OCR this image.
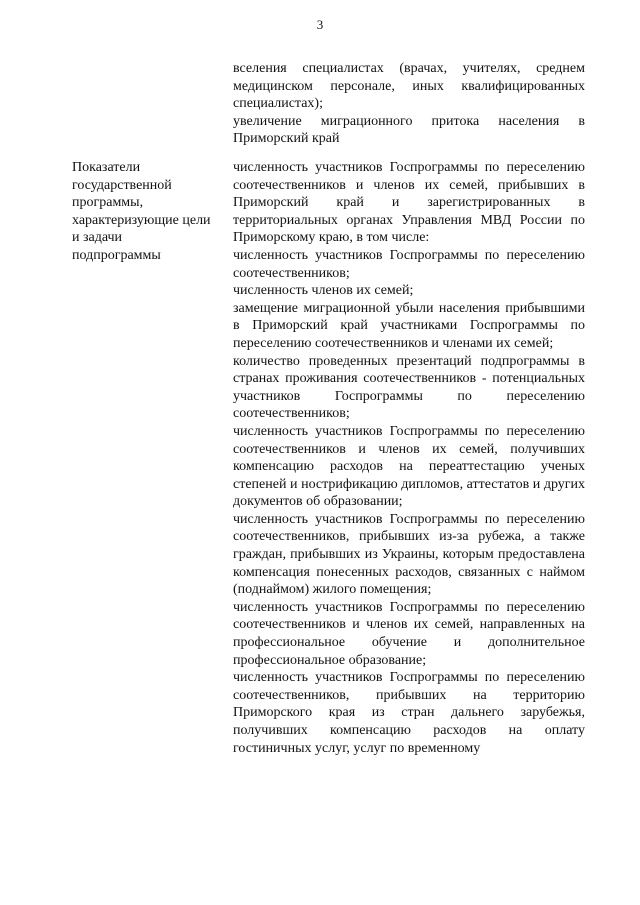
3

вселения специалистах (врачах, учителях, среднем медицинском персонале, иных квалифицированных специалистах);

увеличение миграционного притока населения в Приморский край

Показатели государственной программы, характеризующие цели и задачи подпрограммы

численность участников Госпрограммы по переселению соотечественников и членов их семей, прибывших в Приморский край и зарегистрированных в территориальных органах Управления МВД России по Приморскому краю, в том числе:

численность участников Госпрограммы по переселению соотечественников;

численность членов их семей;

замещение миграционной убыли населения прибывшими в Приморский край участниками Госпрограммы по переселению соотечественников и членами их семей;

количество проведенных презентаций подпрограммы в странах проживания соотечественников - потенциальных участников Госпрограммы по переселению соотечественников;

численность участников Госпрограммы по переселению соотечественников и членов их семей, получивших компенсацию расходов на переаттестацию ученых степеней и нострификацию дипломов, аттестатов и других документов об образовании;

численность участников Госпрограммы по переселению соотечественников, прибывших из-за рубежа, а также граждан, прибывших из Украины, которым предоставлена компенсация понесенных расходов, связанных с наймом (поднаймом) жилого помещения;

численность участников Госпрограммы по переселению соотечественников и членов их семей, направленных на профессиональное обучение и дополнительное профессиональное образование;

численность участников Госпрограммы по переселению соотечественников, прибывших на территорию Приморского края из стран дальнего зарубежья, получивших компенсацию расходов на оплату гостиничных услуг, услуг по временному
